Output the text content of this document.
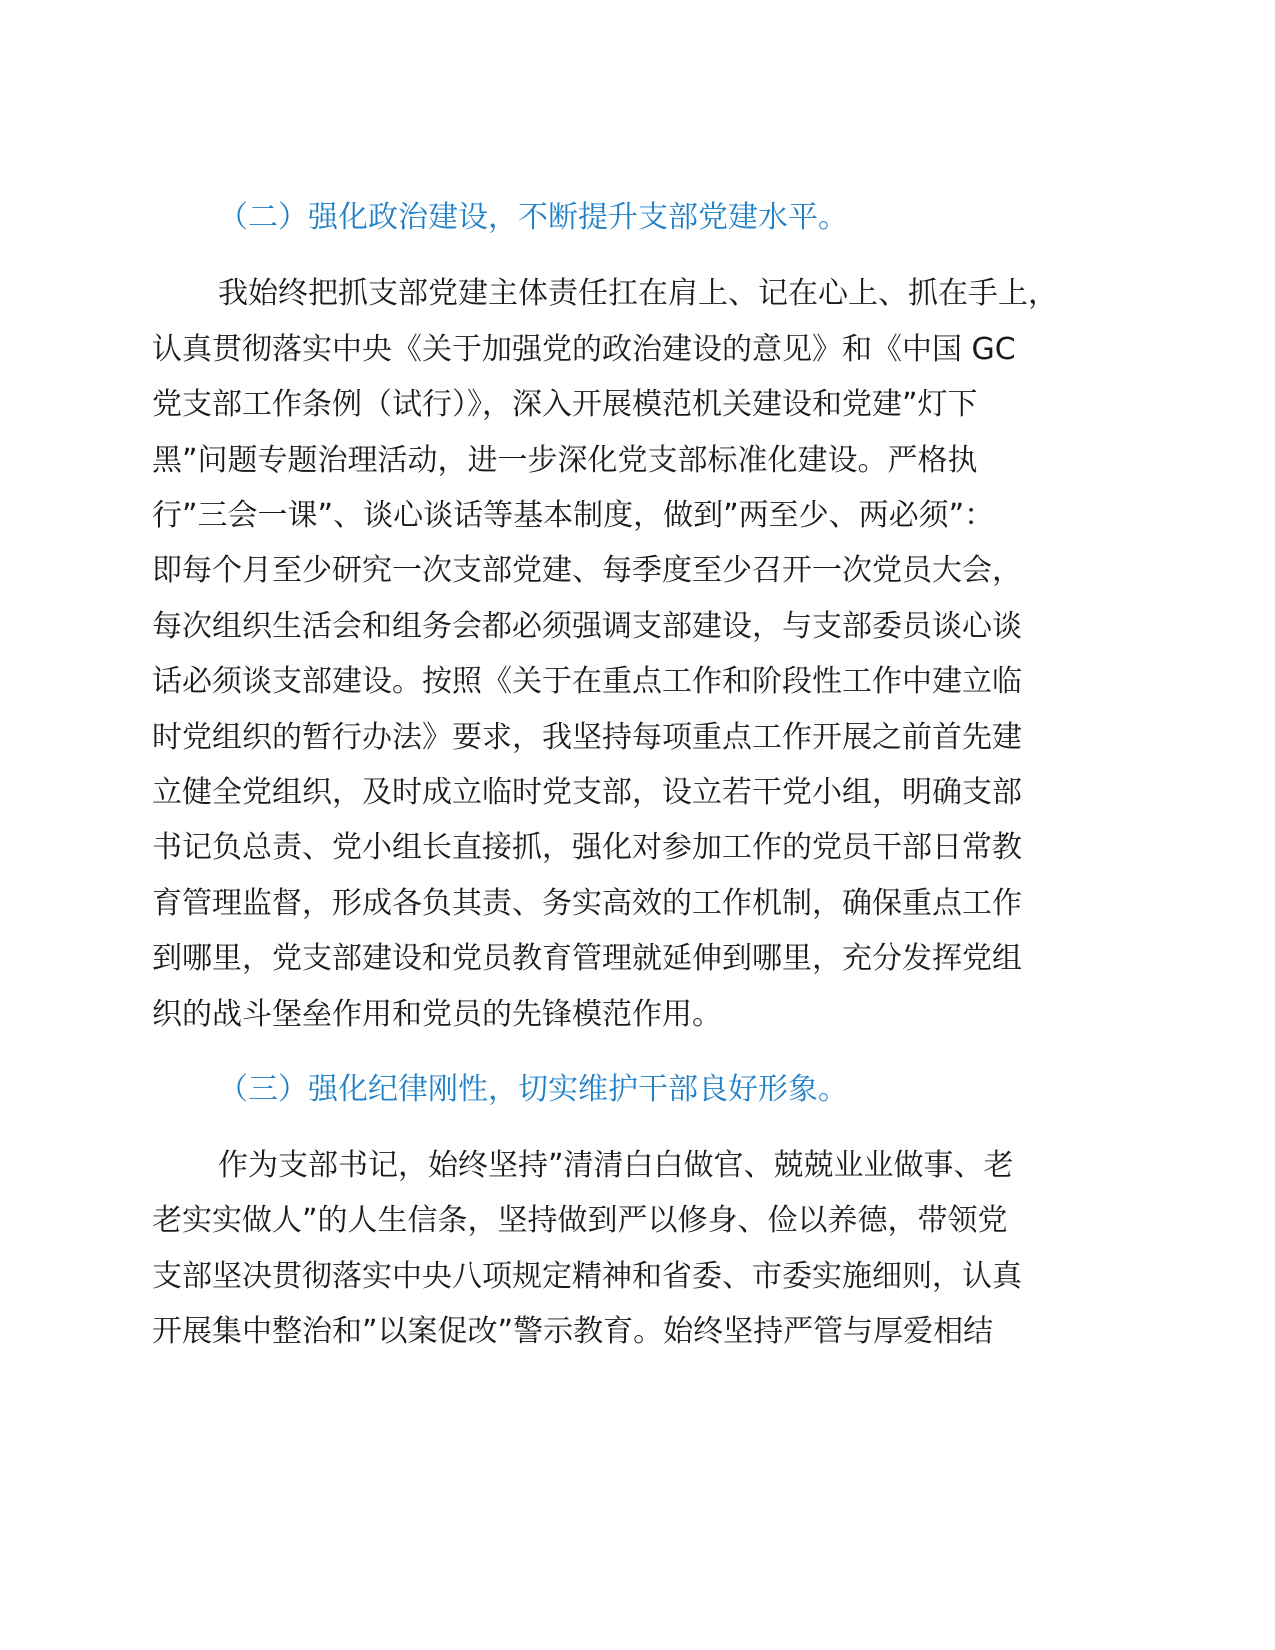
（二）强化政治建设，不断提升支部党建水平。
我始终把抓支部党建主体责任扛在肩上、记在心上、抓在手上，
认真贯彻落实中央《关于加强党的政治建设的意见》和《中国 GC
党支部工作条例（试行）》，深入开展模范机关建设和党建”灯下
黑”问题专题治理活动，进一步深化党支部标准化建设。严格执
行”三会一课”、谈心谈话等基本制度，做到”两至少、两必须”：
即每个月至少研究一次支部党建、每季度至少召开一次党员大会，
每次组织生活会和组务会都必须强调支部建设，与支部委员谈心谈
话必须谈支部建设。按照《关于在重点工作和阶段性工作中建立临
时党组织的暂行办法》要求，我坚持每项重点工作开展之前首先建
立健全党组织，及时成立临时党支部，设立若干党小组，明确支部
书记负总责、党小组长直接抓，强化对参加工作的党员干部日常教
育管理监督，形成各负其责、务实高效的工作机制，确保重点工作
到哪里，党支部建设和党员教育管理就延伸到哪里，充分发挥党组
织的战斗堡垒作用和党员的先锋模范作用。
（三）强化纪律刚性，切实维护干部良好形象。
作为支部书记，始终坚持”清清白白做官、兢兢业业做事、老
老实实做人”的人生信条，坚持做到严以修身、俭以养德，带领党
支部坚决贯彻落实中央八项规定精神和省委、市委实施细则，认真
开展集中整治和”以案促改”警示教育。始终坚持严管与厚爱相结
